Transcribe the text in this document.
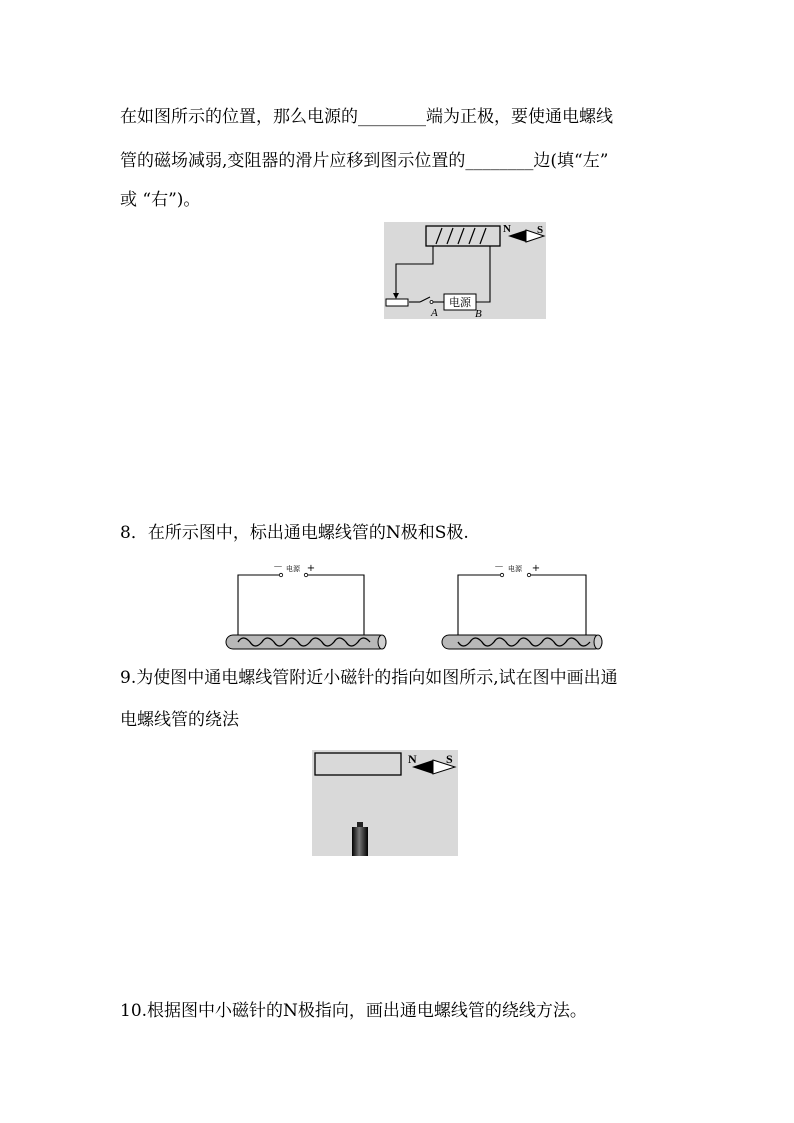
在如图所示的位置，那么电源的________端为正极，要使通电螺线
管的磁场减弱,变阻器的滑片应移到图示位置的________边(填“左”
或 “右”)。
N S
电源
A	B
8．在所示图中，标出通电螺线管的N极和S极.
－ 电源 +	－ 电源 +
9.为使图中通电螺线管附近小磁针的指向如图所示,试在图中画出通
电螺线管的绕法
N S
10.根据图中小磁针的N极指向，画出通电螺线管的绕线方法。
